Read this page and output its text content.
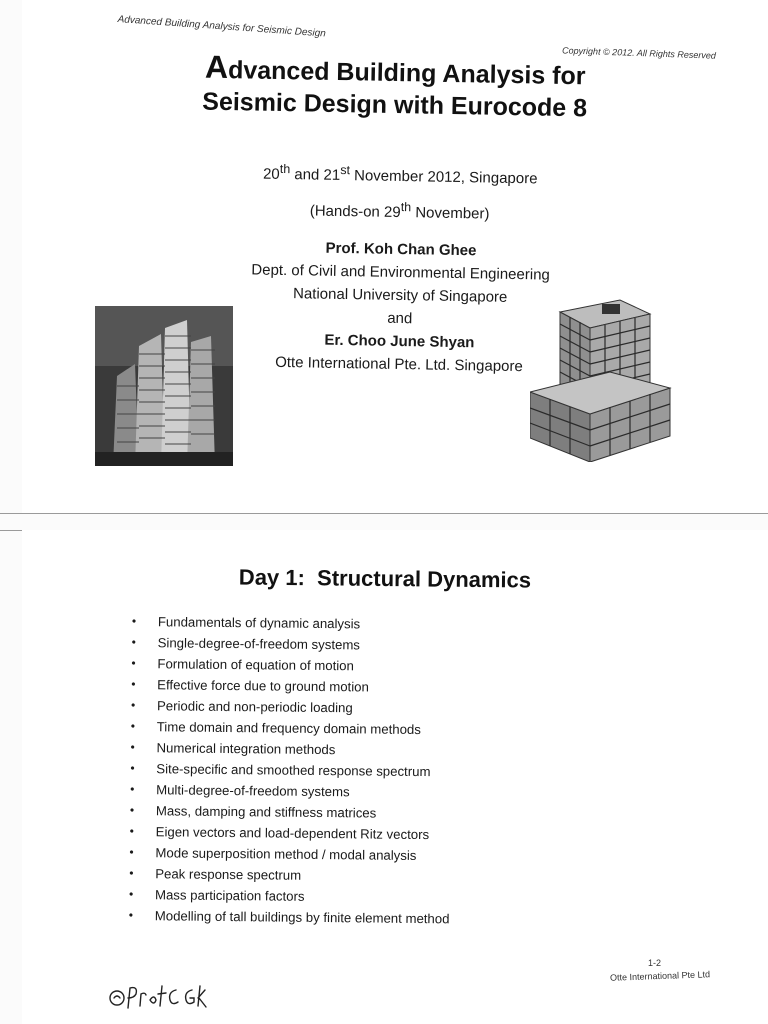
Advanced Building Analysis for Seismic Design
Copyright © 2012. All Rights Reserved
Advanced Building Analysis for
Seismic Design with Eurocode 8
20th and 21st November 2012, Singapore
(Hands-on 29th November)
Prof. Koh Chan Ghee
Dept. of Civil and Environmental Engineering
National University of Singapore
and
Er. Choo June Shyan
Otte International Pte. Ltd. Singapore
Day 1:  Structural Dynamics
• Fundamentals of dynamic analysis
• Single-degree-of-freedom systems
• Formulation of equation of motion
• Effective force due to ground motion
• Periodic and non-periodic loading
• Time domain and frequency domain methods
• Numerical integration methods
• Site-specific and smoothed response spectrum
• Multi-degree-of-freedom systems
• Mass, damping and stiffness matrices
• Eigen vectors and load-dependent Ritz vectors
• Mode superposition method / modal analysis
• Peak response spectrum
• Mass participation factors
• Modelling of tall buildings by finite element method
1-2
Otte International Pte Ltd
